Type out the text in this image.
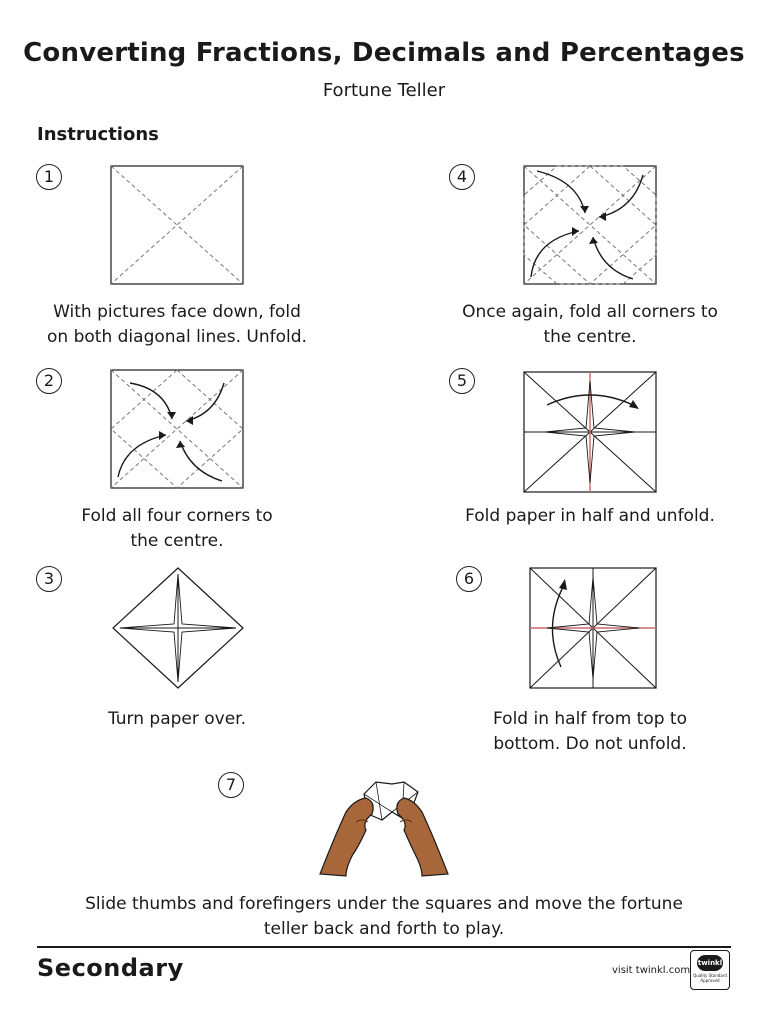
Converting Fractions, Decimals and Percentages
Fortune Teller
Instructions
1
2
3
4
5
6
7
With pictures face down, fold
on both diagonal lines. Unfold.
Fold all four corners to
the centre.
Turn paper over.
Once again, fold all corners to
the centre.
Fold paper in half and unfold.
Fold in half from top to
bottom. Do not unfold.
Slide thumbs and forefingers under the squares and move the fortune
teller back and forth to play.
Secondary	visit twinkl.com
twinkl
Quality Standard Approved
